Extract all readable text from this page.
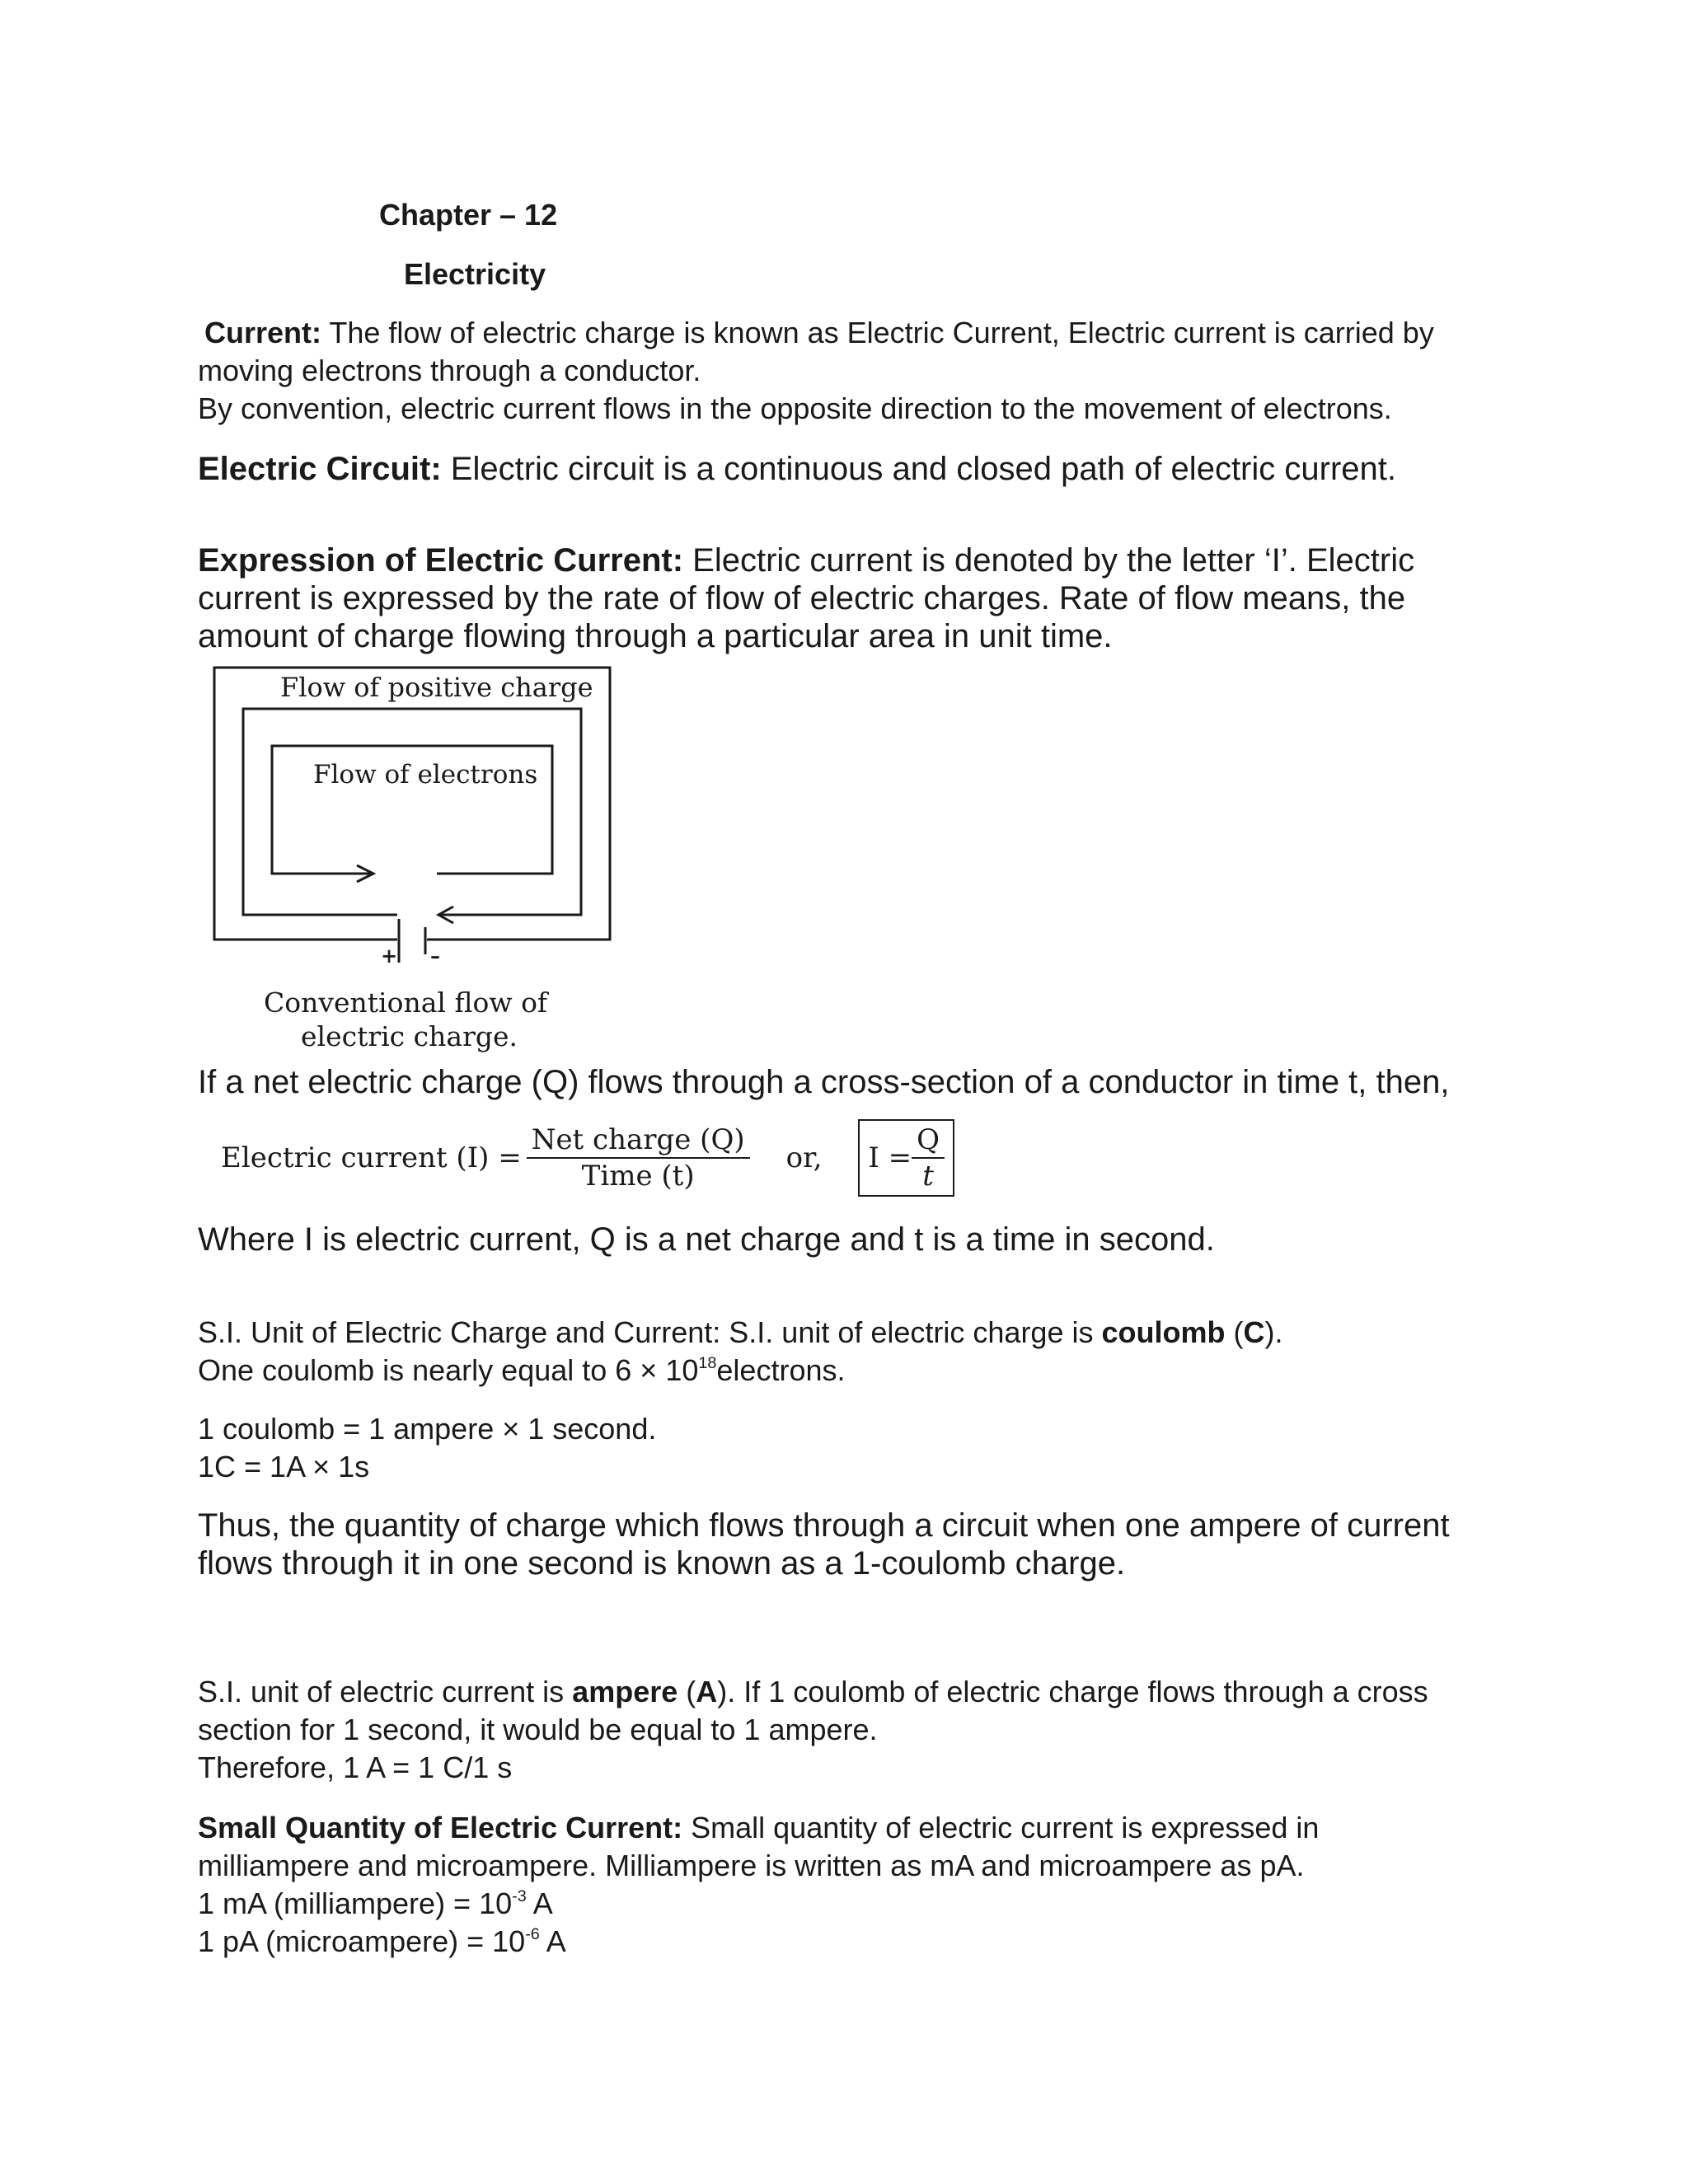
Chapter – 12

Electricity

Current: The flow of electric charge is known as Electric Current, Electric current is carried by

moving electrons through a conductor.

By convention, electric current flows in the opposite direction to the movement of electrons.

Electric Circuit: Electric circuit is a continuous and closed path of electric current.

Expression of Electric Current: Electric current is denoted by the letter ‘I’. Electric

current is expressed by the rate of flow of electric charges. Rate of flow means, the

amount of charge flowing through a particular area in unit time.

Flow of positive charge
Flow of electrons
+ –
Conventional flow of
electric charge.

If a net electric charge (Q) flows through a cross-section of a conductor in time t, then,

Electric current $(I) = \frac{\text{Net charge (Q)}}{\text{Time (t)}}$ or, $I = \frac{Q}{t}$

Where I is electric current, Q is a net charge and t is a time in second.

S.I. Unit of Electric Charge and Current: S.I. unit of electric charge is coulomb (C).

One coulomb is nearly equal to $6 \times 10^{18}electrons$.

1 coulomb = 1 ampere × 1 second.

1C = 1A × 1s

Thus, the quantity of charge which flows through a circuit when one ampere of current

flows through it in one second is known as a 1-coulomb charge.

S.I. unit of electric current is ampere (A). If 1 coulomb of electric charge flows through a cross

section for 1 second, it would be equal to 1 ampere.

Therefore, 1 A = 1 C/1 s

Small Quantity of Electric Current: Small quantity of electric current is expressed in

milliampere and microampere. Milliampere is written as mA and microampere as pA.

1 mA (milliampere) = $10^{-3}$ A

1 pA (microampere) = $10^{-6}$ A
